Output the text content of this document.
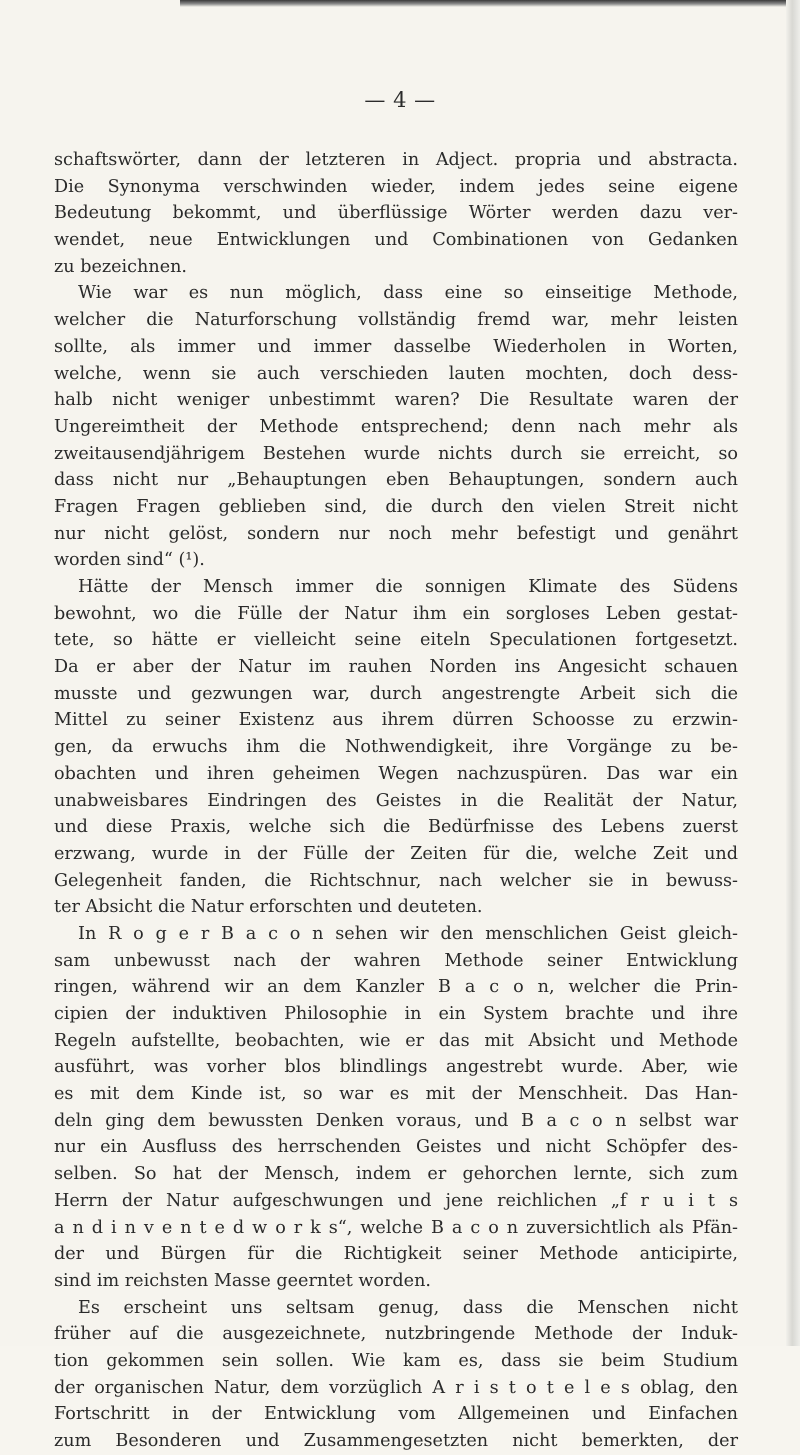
— 4 —
schaftswörter, dann der letzteren in Adject. propria und abstracta.
Die Synonyma verschwinden wieder, indem jedes seine eigene
Bedeutung bekommt, und überflüssige Wörter werden dazu ver-
wendet, neue Entwicklungen und Combinationen von Gedanken
zu bezeichnen.
Wie war es nun möglich, dass eine so einseitige Methode,
welcher die Naturforschung vollständig fremd war, mehr leisten
sollte, als immer und immer dasselbe Wiederholen in Worten,
welche, wenn sie auch verschieden lauten mochten, doch dess-
halb nicht weniger unbestimmt waren? Die Resultate waren der
Ungereimtheit der Methode entsprechend; denn nach mehr als
zweitausendjährigem Bestehen wurde nichts durch sie erreicht, so
dass nicht nur „Behauptungen eben Behauptungen, sondern auch
Fragen Fragen geblieben sind, die durch den vielen Streit nicht
nur nicht gelöst, sondern nur noch mehr befestigt und genährt
worden sind“ (¹).
Hätte der Mensch immer die sonnigen Klimate des Südens
bewohnt, wo die Fülle der Natur ihm ein sorgloses Leben gestat-
tete, so hätte er vielleicht seine eiteln Speculationen fortgesetzt.
Da er aber der Natur im rauhen Norden ins Angesicht schauen
musste und gezwungen war, durch angestrengte Arbeit sich die
Mittel zu seiner Existenz aus ihrem dürren Schoosse zu erzwin-
gen, da erwuchs ihm die Nothwendigkeit, ihre Vorgänge zu be-
obachten und ihren geheimen Wegen nachzuspüren. Das war ein
unabweisbares Eindringen des Geistes in die Realität der Natur,
und diese Praxis, welche sich die Bedürfnisse des Lebens zuerst
erzwang, wurde in der Fülle der Zeiten für die, welche Zeit und
Gelegenheit fanden, die Richtschnur, nach welcher sie in bewuss-
ter Absicht die Natur erforschten und deuteten.
In R o g e r B a c o n sehen wir den menschlichen Geist gleich-
sam unbewusst nach der wahren Methode seiner Entwicklung
ringen, während wir an dem Kanzler B a c o n, welcher die Prin-
cipien der induktiven Philosophie in ein System brachte und ihre
Regeln aufstellte, beobachten, wie er das mit Absicht und Methode
ausführt, was vorher blos blindlings angestrebt wurde. Aber, wie
es mit dem Kinde ist, so war es mit der Menschheit. Das Han-
deln ging dem bewussten Denken voraus, und B a c o n selbst war
nur ein Ausfluss des herrschenden Geistes und nicht Schöpfer des-
selben. So hat der Mensch, indem er gehorchen lernte, sich zum
Herrn der Natur aufgeschwungen und jene reichlichen „f r u i t s
a n d i n v e n t e d w o r k s“, welche B a c o n zuversichtlich als Pfän-
der und Bürgen für die Richtigkeit seiner Methode anticipirte,
sind im reichsten Masse geerntet worden.
Es erscheint uns seltsam genug, dass die Menschen nicht
früher auf die ausgezeichnete, nutzbringende Methode der Induk-
tion gekommen sein sollen. Wie kam es, dass sie beim Studium
der organischen Natur, dem vorzüglich A r i s t o t e l e s oblag, den
Fortschritt in der Entwicklung vom Allgemeinen und Einfachen
zum Besonderen und Zusammengesetzten nicht bemerkten, der
